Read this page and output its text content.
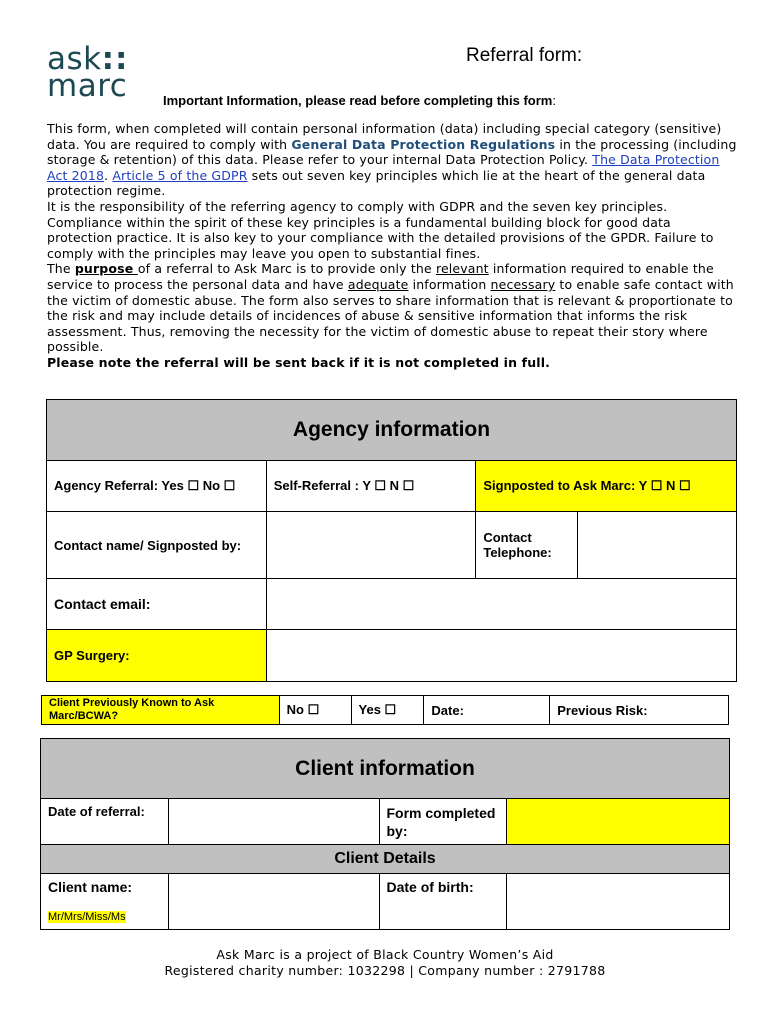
ask::
marc
Referral form:
Important Information, please read before completing this form:

This form, when completed will contain personal information (data) including special category (sensitive) data. You are required to comply with General Data Protection Regulations in the processing (including storage & retention) of this data. Please refer to your internal Data Protection Policy. The Data Protection Act 2018. Article 5 of the GDPR sets out seven key principles which lie at the heart of the general data protection regime.

It is the responsibility of the referring agency to comply with GDPR and the seven key principles. Compliance within the spirit of these key principles is a fundamental building block for good data protection practice. It is also key to your compliance with the detailed provisions of the GPDR. Failure to comply with the principles may leave you open to substantial fines.

The purpose of a referral to Ask Marc is to provide only the relevant information required to enable the service to process the personal data and have adequate information necessary to enable safe contact with the victim of domestic abuse. The form also serves to share information that is relevant & proportionate to the risk and may include details of incidences of abuse & sensitive information that informs the risk assessment. Thus, removing the necessity for the victim of domestic abuse to repeat their story where possible.

Please note the referral will be sent back if it is not completed in full.

Agency information			
Agency Referral: Yes ☐ No ☐	Self-Referral : Y ☐ N ☐	Signposted to Ask Marc: Y ☐ N ☐	
Contact name/ Signposted by:		Contact Telephone:	
Contact email:			
GP Surgery:			
Client Previously Known to Ask Marc/BCWA?	No ☐	Yes ☐	Date:	Previous Risk:
Client information			
Date of referral:		Form completed by:	
Client Details			

Client name:
Mr/Mrs/Miss/Ms		Date of birth:	

Ask Marc is a project of Black Country Women’s Aid

Registered charity number: 1032298 | Company number : 2791788
